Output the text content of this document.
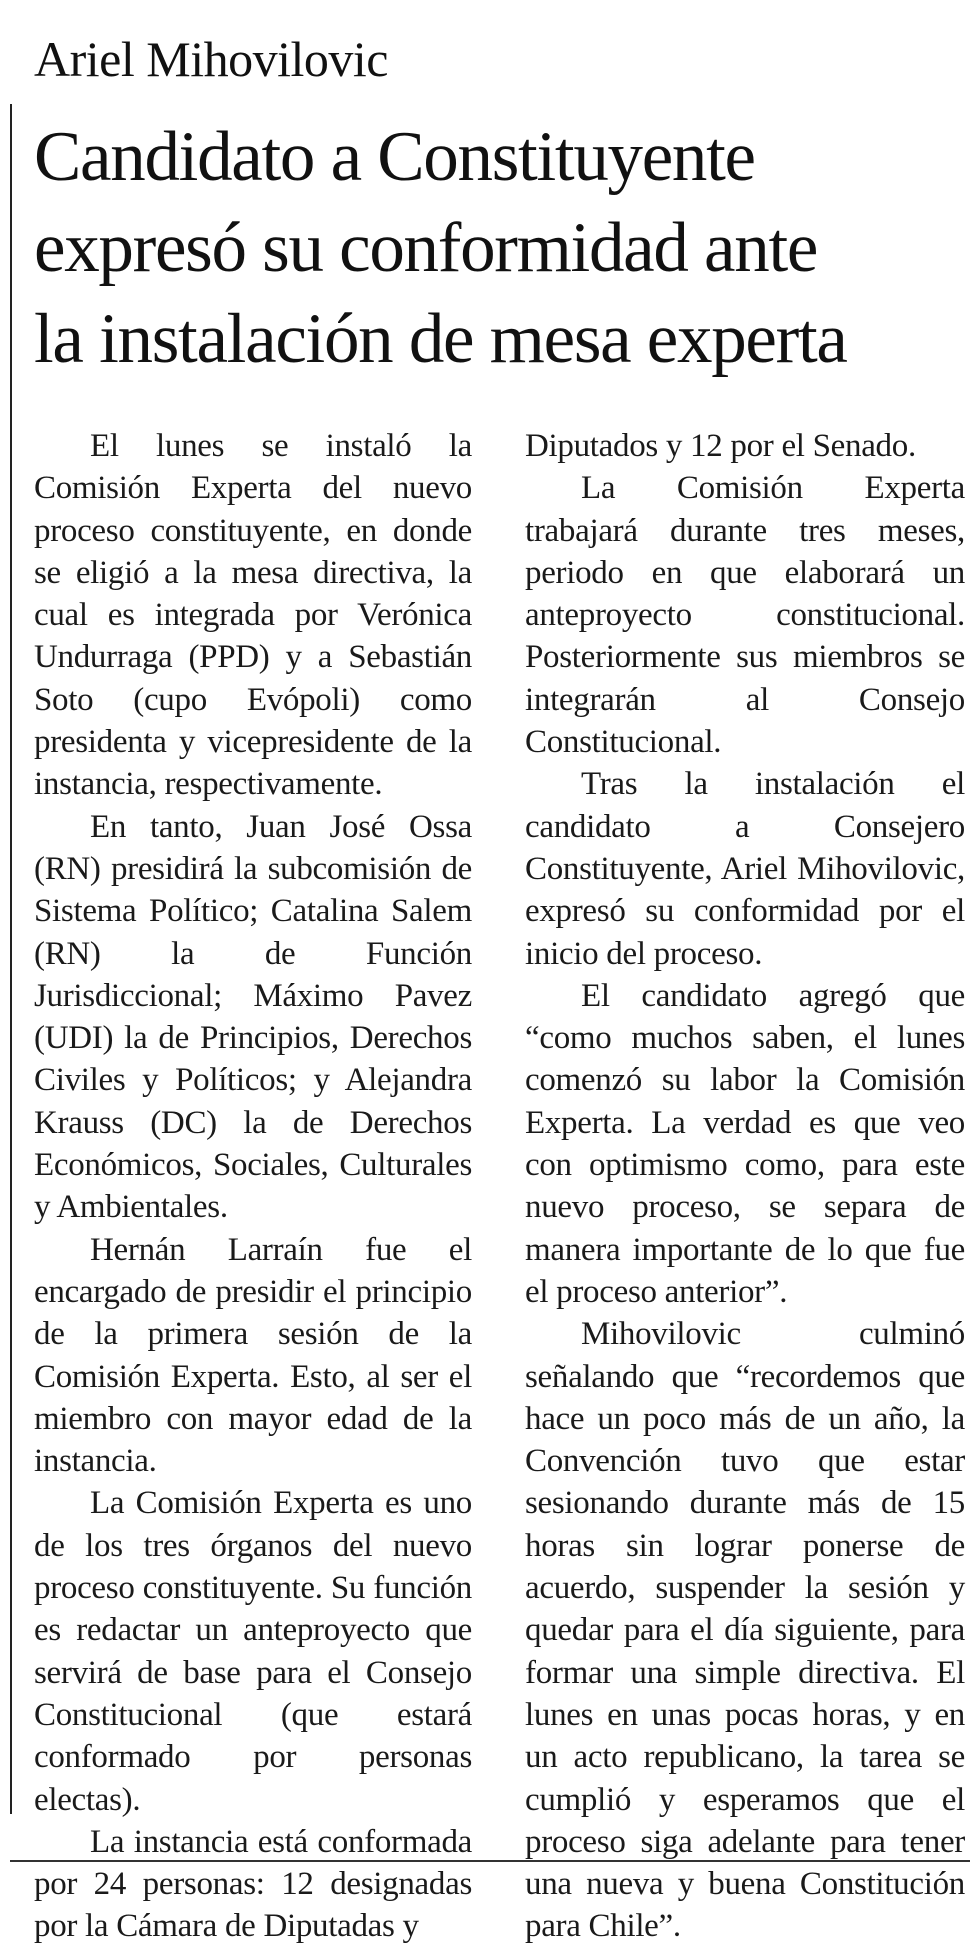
Ariel Mihovilovic
Candidato a Constituyente
expresó su conformidad ante
la instalación de mesa experta

El lunes se instaló la Comisión Experta del nuevo proceso constituyente, en donde se eligió a la mesa directiva, la cual es integrada por Verónica Undurraga (PPD) y a Sebastián Soto (cupo Evópoli) como presidenta y vicepresidente de la instancia, respectivamente.

En tanto, Juan José Ossa (RN) presidirá la subcomisión de Sistema Político; Catalina Salem (RN) la de Función Jurisdiccional; Máximo Pavez (UDI) la de Principios, Derechos Civiles y Políticos; y Alejandra Krauss (DC) la de Derechos Económicos, Sociales, Culturales y Ambientales.

Hernán Larraín fue el encargado de presidir el principio de la primera sesión de la Comisión Experta. Esto, al ser el miembro con mayor edad de la instancia.

La Comisión Experta es uno de los tres órganos del nuevo proceso constituyente. Su función es redactar un anteproyecto que servirá de base para el Consejo Constitucional (que estará conformado por personas electas).

La instancia está conformada por 24 personas: 12 designadas por la Cámara de Diputadas y

Diputados y 12 por el Senado.

La Comisión Experta trabajará durante tres meses, periodo en que elaborará un anteproyecto constitucional. Posteriormente sus miembros se integrarán al Consejo Constitucional.

Tras la instalación el candidato a Consejero Constituyente, Ariel Mihovilovic, expresó su conformidad por el inicio del proceso.

El candidato agregó que “como muchos saben, el lunes comenzó su labor la Comisión Experta. La verdad es que veo con optimismo como, para este nuevo proceso, se separa de manera importante de lo que fue el proceso anterior”.

Mihovilovic culminó señalando que “recordemos que hace un poco más de un año, la Convención tuvo que estar sesionando durante más de 15 horas sin lograr ponerse de acuerdo, suspender la sesión y quedar para el día siguiente, para formar una simple directiva. El lunes en unas pocas horas, y en un acto republicano, la tarea se cumplió y esperamos que el proceso siga adelante para tener una nueva y buena Constitución para Chile”.
